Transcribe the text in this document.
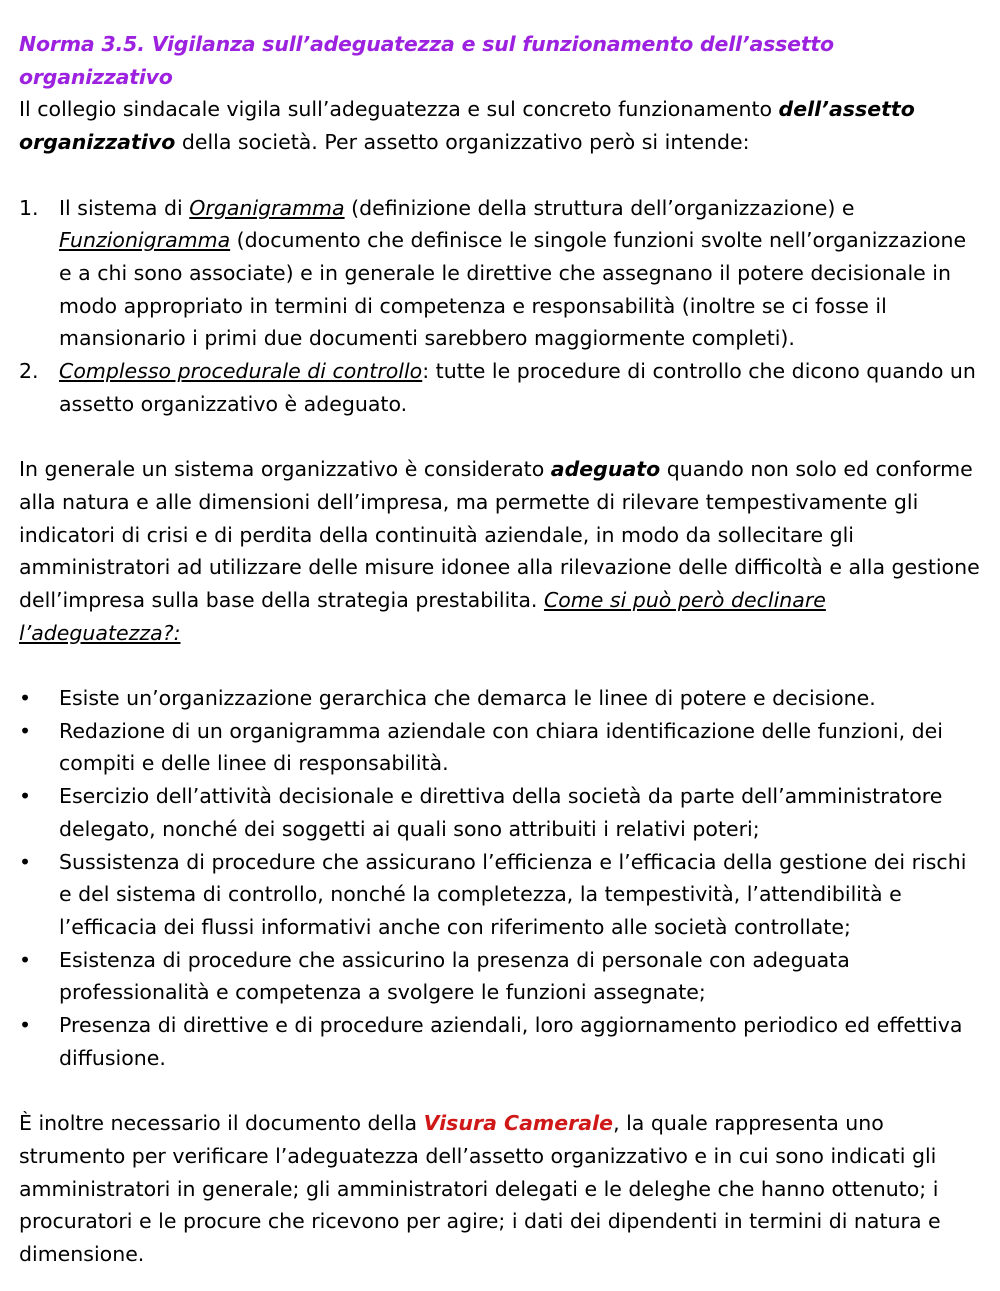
Norma 3.5. Vigilanza sull’adeguatezza e sul funzionamento dell’assetto organizzativo

Il collegio sindacale vigila sull’adeguatezza e sul concreto funzionamento dell’assetto organizzativo della società. Per assetto organizzativo però si intende:

1. Il sistema di Organigramma (definizione della struttura dell’organizzazione) e Funzionigramma (documento che definisce le singole funzioni svolte nell’organizzazione e a chi sono associate) e in generale le direttive che assegnano il potere decisionale in modo appropriato in termini di competenza e responsabilità (inoltre se ci fosse il mansionario i primi due documenti sarebbero maggiormente completi).
2. Complesso procedurale di controllo: tutte le procedure di controllo che dicono quando un assetto organizzativo è adeguato.

In generale un sistema organizzativo è considerato adeguato quando non solo ed conforme alla natura e alle dimensioni dell’impresa, ma permette di rilevare tempestivamente gli indicatori di crisi e di perdita della continuità aziendale, in modo da sollecitare gli amministratori ad utilizzare delle misure idonee alla rilevazione delle difficoltà e alla gestione dell’impresa sulla base della strategia prestabilita. Come si può però declinare l’adeguatezza?:

• Esiste un’organizzazione gerarchica che demarca le linee di potere e decisione.
• Redazione di un organigramma aziendale con chiara identificazione delle funzioni, dei compiti e delle linee di responsabilità.
• Esercizio dell’attività decisionale e direttiva della società da parte dell’amministratore delegato, nonché dei soggetti ai quali sono attribuiti i relativi poteri;
• Sussistenza di procedure che assicurano l’efficienza e l’efficacia della gestione dei rischi e del sistema di controllo, nonché la completezza, la tempestività, l’attendibilità e l’efficacia dei flussi informativi anche con riferimento alle società controllate;
• Esistenza di procedure che assicurino la presenza di personale con adeguata professionalità e competenza a svolgere le funzioni assegnate;
• Presenza di direttive e di procedure aziendali, loro aggiornamento periodico ed effettiva diffusione.

È inoltre necessario il documento della Visura Camerale, la quale rappresenta uno strumento per verificare l’adeguatezza dell’assetto organizzativo e in cui sono indicati gli amministratori in generale; gli amministratori delegati e le deleghe che hanno ottenuto; i procuratori e le procure che ricevono per agire; i dati dei dipendenti in termini di natura e dimensione.
